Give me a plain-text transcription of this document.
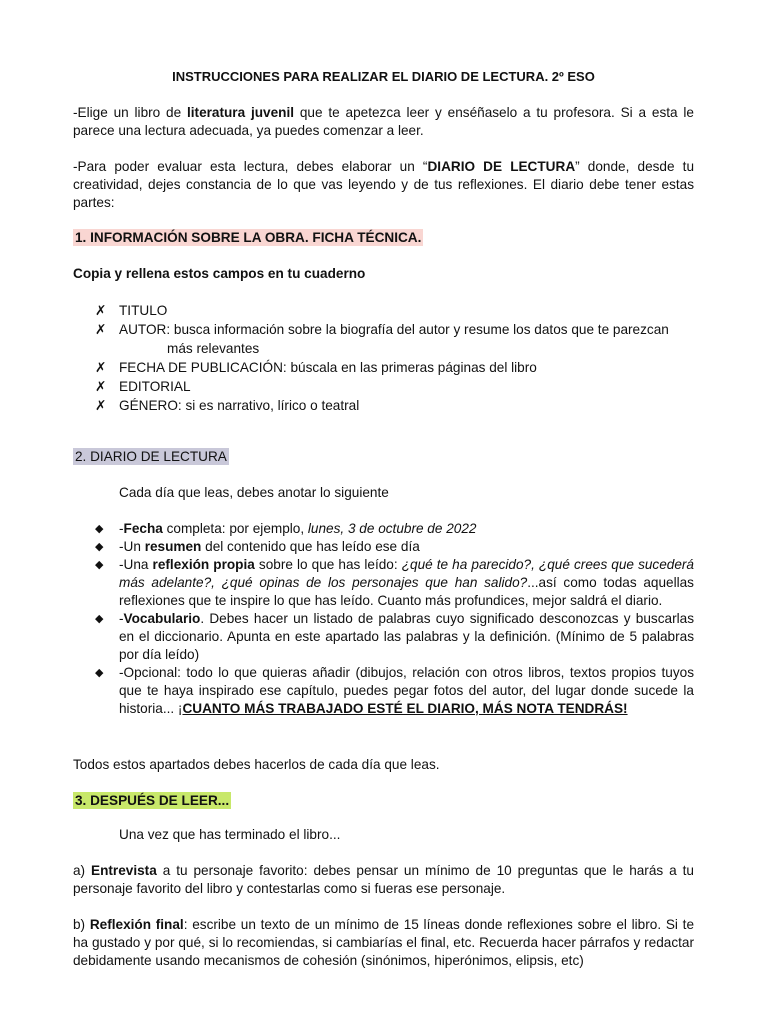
INSTRUCCIONES PARA REALIZAR EL DIARIO DE LECTURA. 2º ESO

-Elige un libro de literatura juvenil que te apetezca leer y enséñaselo a tu profesora. Si a esta le parece una lectura adecuada, ya puedes comenzar a leer.

-Para poder evaluar esta lectura, debes elaborar un “DIARIO DE LECTURA” donde, desde tu creatividad, dejes constancia de lo que vas leyendo y de tus reflexiones. El diario debe tener estas partes:

1. INFORMACIÓN SOBRE LA OBRA. FICHA TÉCNICA.

Copia y rellena estos campos en tu cuaderno

✗ TITULO
✗ AUTOR: busca información sobre la biografía del autor y resume los datos que te parezcan
más relevantes
✗ FECHA DE PUBLICACIÓN: búscala en las primeras páginas del libro
✗ EDITORIAL
✗ GÉNERO: si es narrativo, lírico o teatral

2. DIARIO DE LECTURA

Cada día que leas, debes anotar lo siguiente

◆ -Fecha completa: por ejemplo, lunes, 3 de octubre de 2022
◆ -Un resumen del contenido que has leído ese día
◆ -Una reflexión propia sobre lo que has leído: ¿qué te ha parecido?, ¿qué crees que sucederá más adelante?, ¿qué opinas de los personajes que han salido?...así como todas aquellas reflexiones que te inspire lo que has leído. Cuanto más profundices, mejor saldrá el diario.
◆ -Vocabulario. Debes hacer un listado de palabras cuyo significado desconozcas y buscarlas en el diccionario. Apunta en este apartado las palabras y la definición. (Mínimo de 5 palabras por día leído)
◆ -Opcional: todo lo que quieras añadir (dibujos, relación con otros libros, textos propios tuyos que te haya inspirado ese capítulo, puedes pegar fotos del autor, del lugar donde sucede la historia... ¡CUANTO MÁS TRABAJADO ESTÉ EL DIARIO, MÁS NOTA TENDRÁS!

Todos estos apartados debes hacerlos de cada día que leas.

3. DESPUÉS DE LEER...

Una vez que has terminado el libro...

a) Entrevista a tu personaje favorito: debes pensar un mínimo de 10 preguntas que le harás a tu personaje favorito del libro y contestarlas como si fueras ese personaje.

b) Reflexión final: escribe un texto de un mínimo de 15 líneas donde reflexiones sobre el libro. Si te ha gustado y por qué, si lo recomiendas, si cambiarías el final, etc. Recuerda hacer párrafos y redactar debidamente usando mecanismos de cohesión (sinónimos, hiperónimos, elipsis, etc)
